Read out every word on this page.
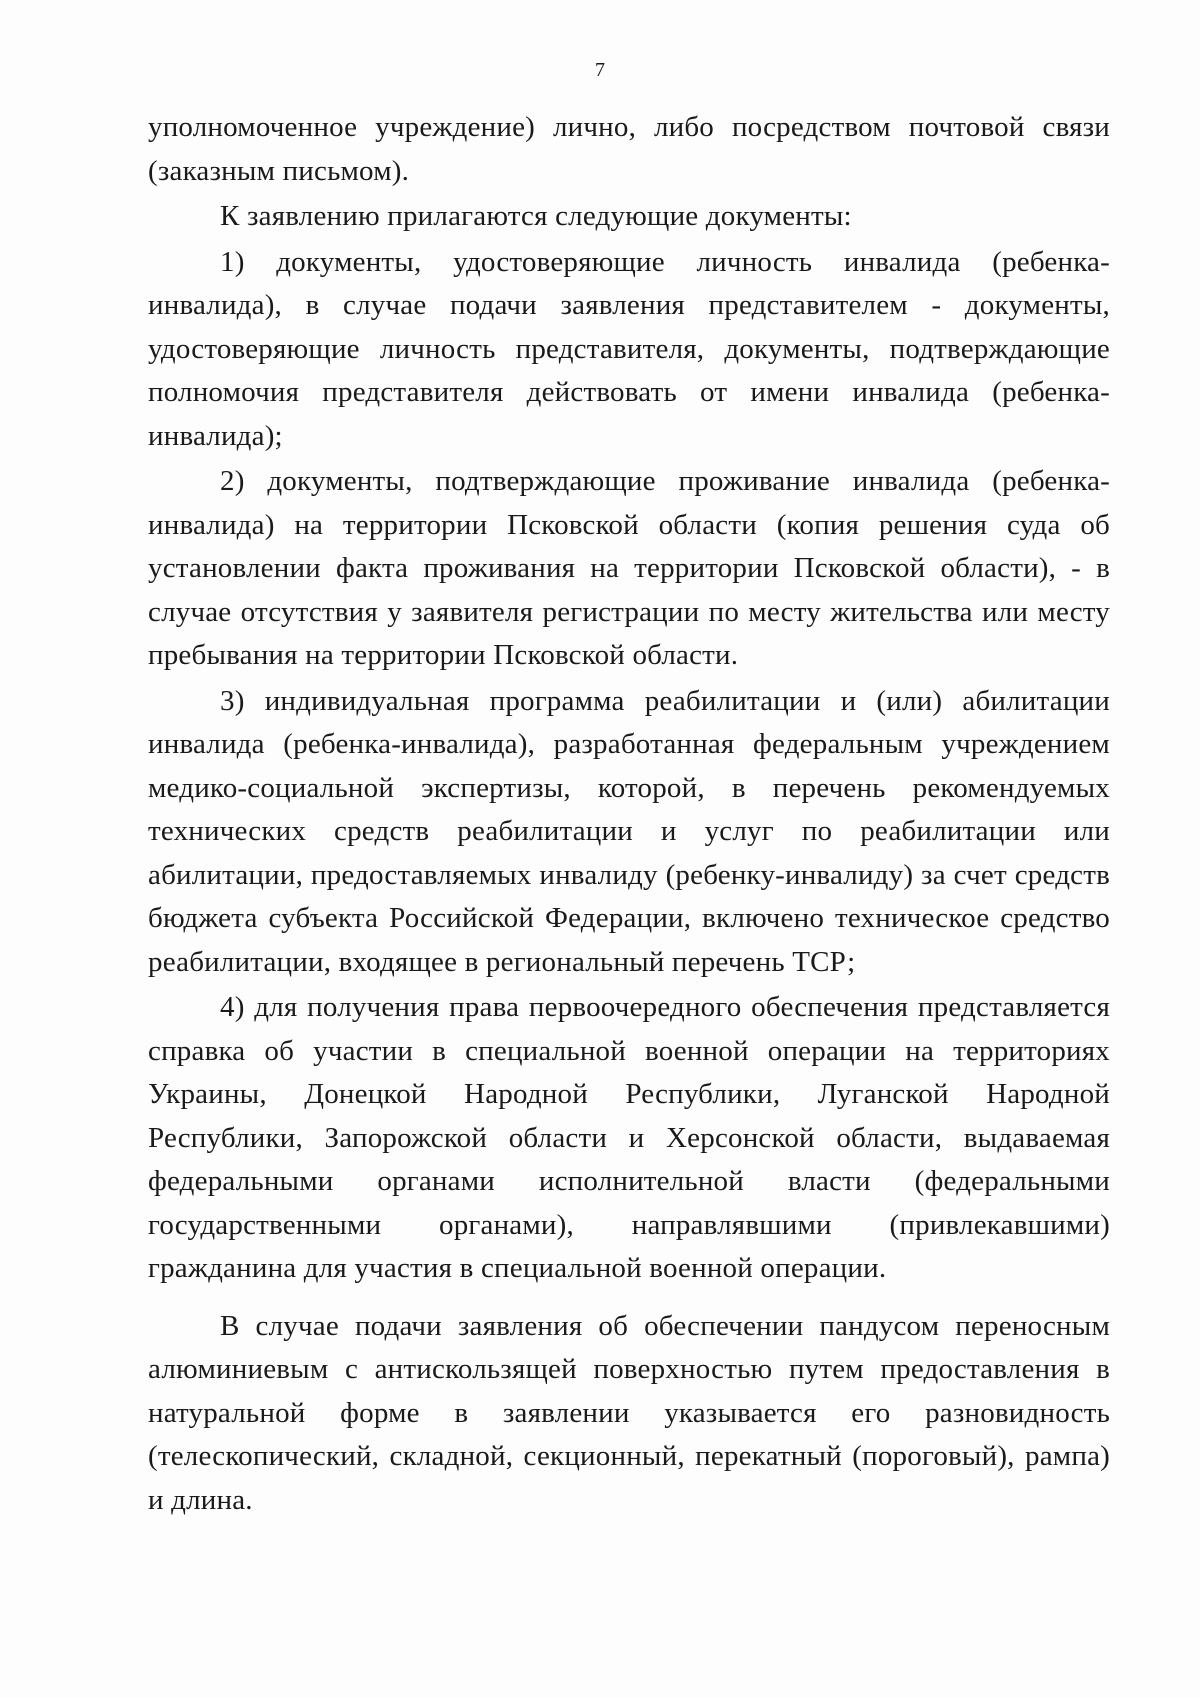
7

уполномоченное учреждение) лично, либо посредством почтовой связи (заказным письмом).

К заявлению прилагаются следующие документы:

1) документы, удостоверяющие личность инвалида (ребенка-инвалида), в случае подачи заявления представителем - документы, удостоверяющие личность представителя, документы, подтверждающие полномочия представителя действовать от имени инвалида (ребенка-инвалида);

2) документы, подтверждающие проживание инвалида (ребенка-инвалида) на территории Псковской области (копия решения суда об установлении факта проживания на территории Псковской области), - в случае отсутствия у заявителя регистрации по месту жительства или месту пребывания на территории Псковской области.

3) индивидуальная программа реабилитации и (или) абилитации инвалида (ребенка-инвалида), разработанная федеральным учреждением медико-социальной экспертизы, которой, в перечень рекомендуемых технических средств реабилитации и услуг по реабилитации или абилитации, предоставляемых инвалиду (ребенку-инвалиду) за счет средств бюджета субъекта Российской Федерации, включено техническое средство реабилитации, входящее в региональный перечень ТСР;

4) для получения права первоочередного обеспечения представляется справка об участии в специальной военной операции на территориях Украины, Донецкой Народной Республики, Луганской Народной Республики, Запорожской области и Херсонской области, выдаваемая федеральными органами исполнительной власти (федеральными государственными органами), направлявшими (привлекавшими) гражданина для участия в специальной военной операции.

В случае подачи заявления об обеспечении пандусом переносным алюминиевым с антискользящей поверхностью путем предоставления в натуральной форме в заявлении указывается его разновидность (телескопический, складной, секционный, перекатный (пороговый), рампа) и длина.
